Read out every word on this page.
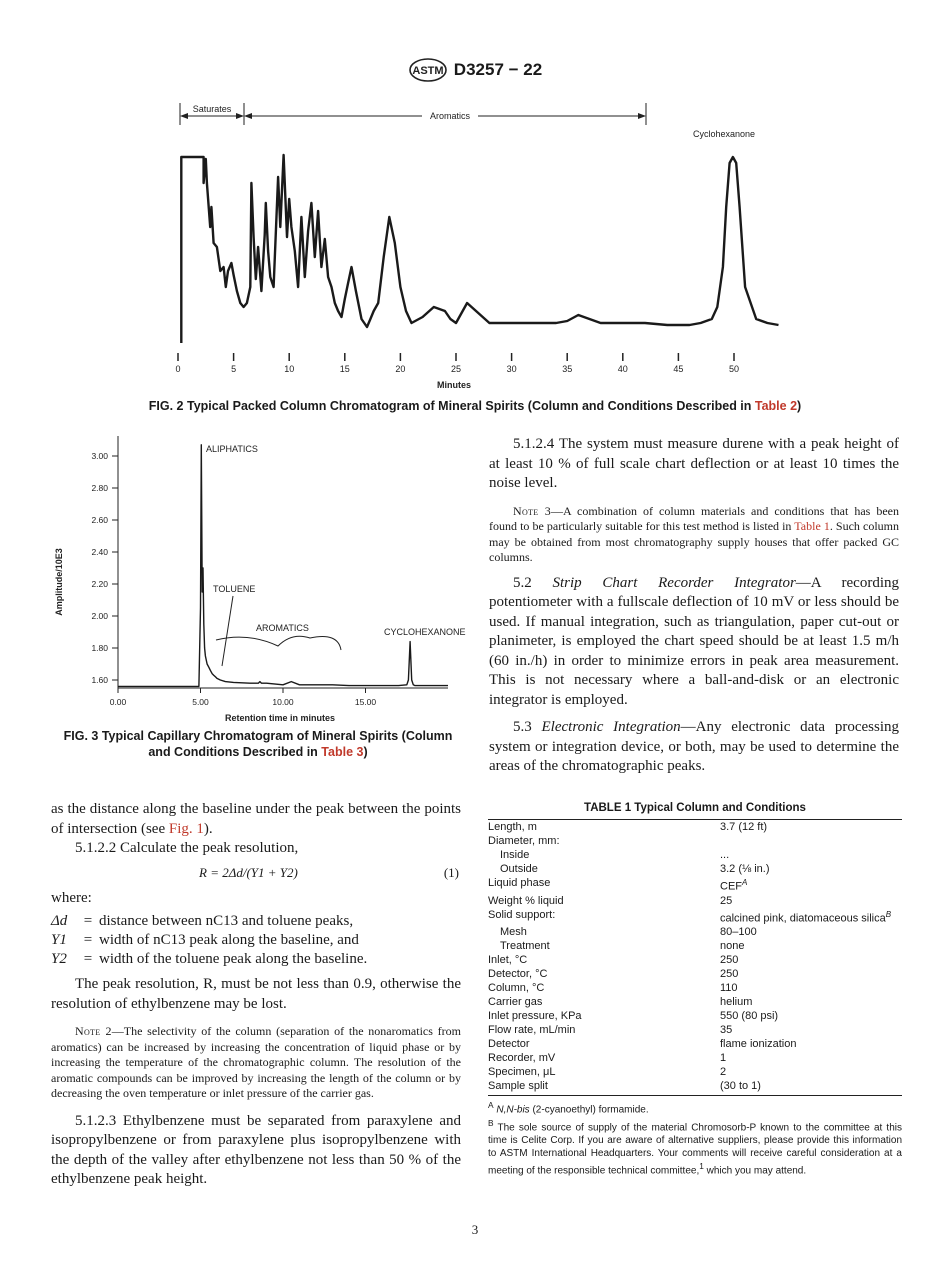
ASTM D3257 − 22
Saturates
Aromatics
Cyclohexanone
Minutes
0	5	10	15	20	25	30	35	40	45	50
FIG. 2 Typical Packed Column Chromatogram of Mineral Spirits (Column and Conditions Described in Table 2)
Amplitude/10E3
Retention time in minutes
ALIPHATICS
TOLUENE
AROMATICS	CYCLOHEXANONE
1.60
1.80
2.00
2.20
2.40
2.60
2.80
3.00
0.00	5.00	10.00	15.00
FIG. 3 Typical Capillary Chromatogram of Mineral Spirits (Column
and Conditions Described in Table 3)

5.1.2.4 The system must measure durene with a peak height of at least 10 % of full scale chart deflection or at least 10 times the noise level.

Note 3—A combination of column materials and conditions that has been found to be particularly suitable for this test method is listed in Table 1. Such column may be obtained from most chromatography supply houses that offer packed GC columns.

5.2 Strip Chart Recorder Integrator—A recording potentiometer with a fullscale deflection of 10 mV or less should be used. If manual integration, such as triangulation, paper cut-out or planimeter, is employed the chart speed should be at least 1.5 m/h (60 in./h) in order to minimize errors in peak area measurement. This is not necessary where a ball-and-disk or an electronic integrator is employed.

5.3 Electronic Integration—Any electronic data processing system or integration device, or both, may be used to determine the areas of the chromatographic peaks.

as the distance along the baseline under the peak between the points of intersection (see Fig. 1).

5.1.2.2 Calculate the peak resolution,

R = 2Δd/(Y1 + Y2)	(1)

where:

Δd	= distance between nC13 and toluene peaks,
Y1	= width of nC13 peak along the baseline, and
Y2	= width of the toluene peak along the baseline.

The peak resolution, R, must be not less than 0.9, otherwise the resolution of ethylbenzene may be lost.

Note 2—The selectivity of the column (separation of the nonaromatics from aromatics) can be increased by increasing the concentration of liquid phase or by increasing the temperature of the chromatographic column. The resolution of the aromatic compounds can be improved by increasing the length of the column or by decreasing the oven temperature or inlet pressure of the carrier gas.

5.1.2.3 Ethylbenzene must be separated from paraxylene and isopropylbenzene or from paraxylene plus isopropylbenzene with the depth of the valley after ethylbenzene not less than 50 % of the ethylbenzene peak height.

TABLE 1 Typical Column and Conditions
Length, m	3.7 (12 ft)
Diameter, mm:	
Inside	...
Outside	3.2 (⅛ in.)
Liquid phase	$CEF^A$
Weight % liquid	25
Solid support:	calcined pink, diatomaceous silica$^B$
Mesh	80–100
Treatment	none
Inlet, °C	250
Detector, °C	250
Column, °C	110
Carrier gas	helium
Inlet pressure, KPa	550 (80 psi)
Flow rate, mL/min	35
Detector	flame ionization
Recorder, mV	1
Specimen, μL	2
Sample split	(30 to 1)
$^A$ N,N-bis (2-cyanoethyl) formamide.
$^B$ The sole source of supply of the material Chromosorb-P known to the committee at this time is Celite Corp. If you are aware of alternative suppliers, please provide this information to ASTM International Headquarters. Your comments will receive careful consideration at a meeting of the responsible technical committee,$^1$ which you may attend.
3
